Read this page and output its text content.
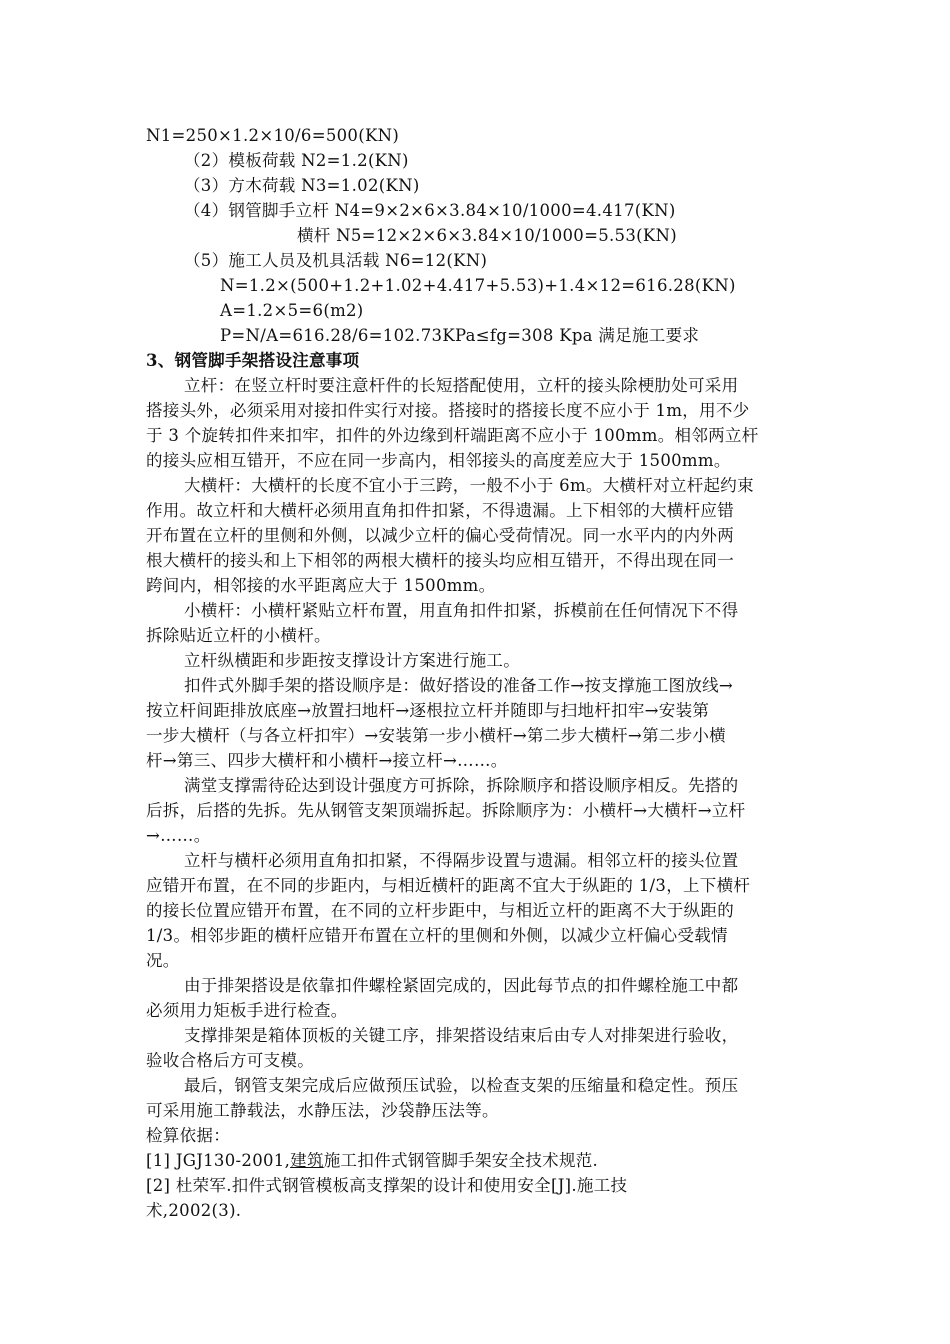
N1=250×1.2×10/6=500(KN)
（2）模板荷载 N2=1.2(KN)
（3）方木荷载 N3=1.02(KN)
（4）钢管脚手立杆 N4=9×2×6×3.84×10/1000=4.417(KN)
横杆 N5=12×2×6×3.84×10/1000=5.53(KN)
（5）施工人员及机具活载 N6=12(KN)
N=1.2×(500+1.2+1.02+4.417+5.53)+1.4×12=616.28(KN)
A=1.2×5=6(m2)
P=N/A=616.28/6=102.73KPa≤fg=308 Kpa 满足施工要求
3、钢管脚手架搭设注意事项
立杆：在竖立杆时要注意杆件的长短搭配使用，立杆的接头除梗肋处可采用
搭接头外，必须采用对接扣件实行对接。搭接时的搭接长度不应小于 1m，用不少
于 3 个旋转扣件来扣牢，扣件的外边缘到杆端距离不应小于 100mm。相邻两立杆
的接头应相互错开，不应在同一步高内，相邻接头的高度差应大于 1500mm。
大横杆：大横杆的长度不宜小于三跨，一般不小于 6m。大横杆对立杆起约束
作用。故立杆和大横杆必须用直角扣件扣紧，不得遗漏。上下相邻的大横杆应错
开布置在立杆的里侧和外侧，以减少立杆的偏心受荷情况。同一水平内的内外两
根大横杆的接头和上下相邻的两根大横杆的接头均应相互错开，不得出现在同一
跨间内，相邻接的水平距离应大于 1500mm。
小横杆：小横杆紧贴立杆布置，用直角扣件扣紧，拆模前在任何情况下不得
拆除贴近立杆的小横杆。
立杆纵横距和步距按支撑设计方案进行施工。
扣件式外脚手架的搭设顺序是：做好搭设的准备工作→按支撑施工图放线→
按立杆间距排放底座→放置扫地杆→逐根拉立杆并随即与扫地杆扣牢→安装第
一步大横杆（与各立杆扣牢）→安装第一步小横杆→第二步大横杆→第二步小横
杆→第三、四步大横杆和小横杆→接立杆→……。
满堂支撑需待砼达到设计强度方可拆除，拆除顺序和搭设顺序相反。先搭的
后拆，后搭的先拆。先从钢管支架顶端拆起。拆除顺序为：小横杆→大横杆→立杆
→……。
立杆与横杆必须用直角扣扣紧，不得隔步设置与遗漏。相邻立杆的接头位置
应错开布置，在不同的步距内，与相近横杆的距离不宜大于纵距的 1/3，上下横杆
的接长位置应错开布置，在不同的立杆步距中，与相近立杆的距离不大于纵距的
1/3。相邻步距的横杆应错开布置在立杆的里侧和外侧，以减少立杆偏心受载情
况。
由于排架搭设是依靠扣件螺栓紧固完成的，因此每节点的扣件螺栓施工中都
必须用力矩板手进行检查。
支撑排架是箱体顶板的关键工序，排架搭设结束后由专人对排架进行验收，
验收合格后方可支模。
最后，钢管支架完成后应做预压试验，以检查支架的压缩量和稳定性。预压
可采用施工静载法，水静压法，沙袋静压法等。
检算依据：
[1] JGJ130-2001,建筑施工扣件式钢管脚手架安全技术规范.
[2] 杜荣军.扣件式钢管模板高支撑架的设计和使用安全[J].施工技
术,2002(3).
